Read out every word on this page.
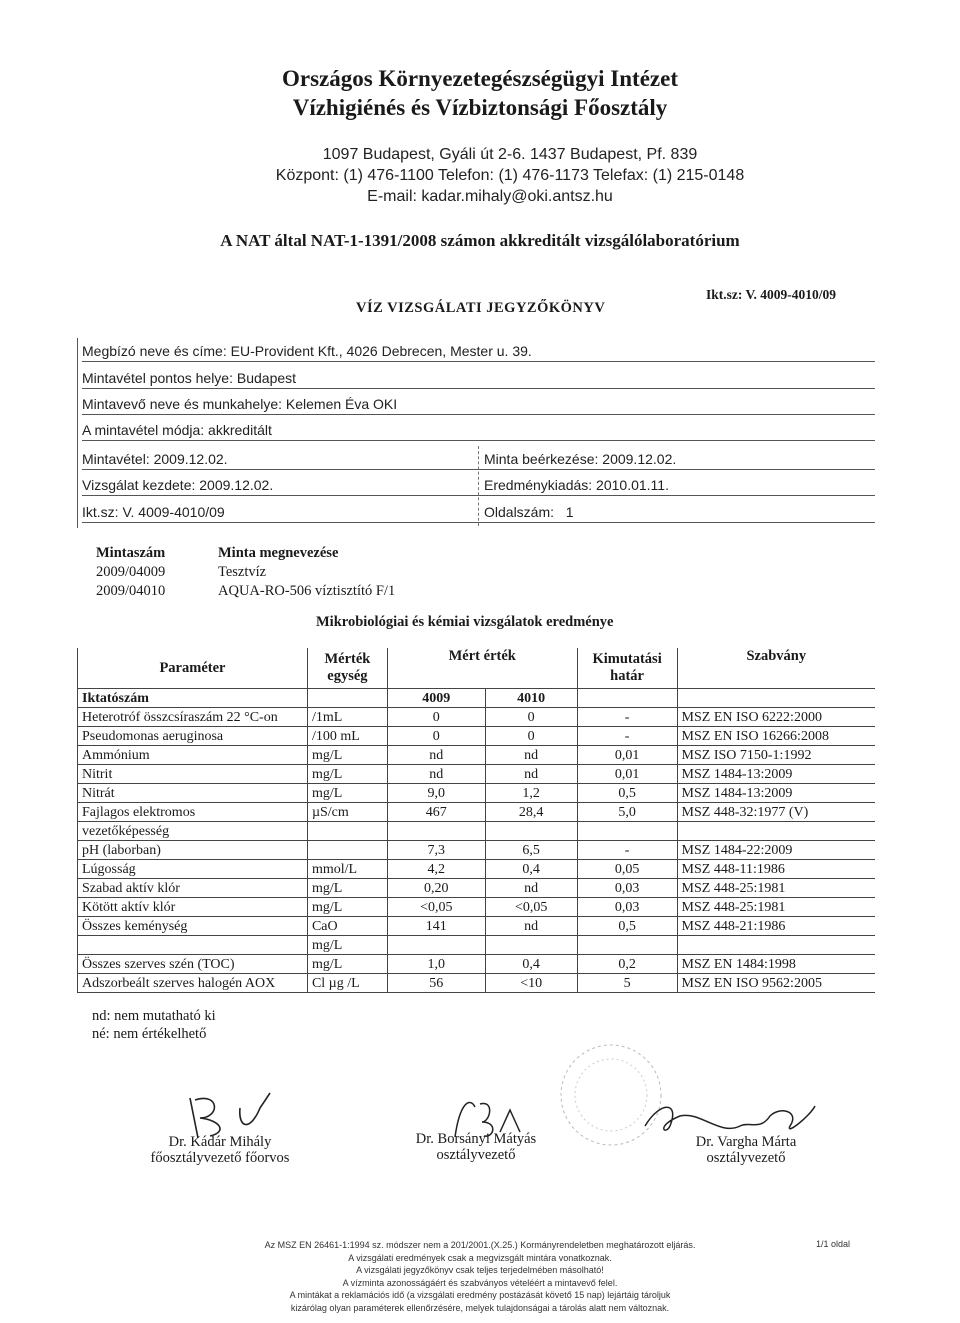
Országos Környezetegészségügyi Intézet
Vízhigiénés és Vízbiztonsági Főosztály
1097 Budapest, Gyáli út 2-6. 1437 Budapest, Pf. 839
Központ: (1) 476-1100 Telefon: (1) 476-1173 Telefax: (1) 215-0148
E-mail: kadar.mihaly@oki.antsz.hu
A NAT által NAT-1-1391/2008 számon akkreditált vizsgálólaboratórium
VÍZ VIZSGÁLATI JEGYZŐKÖNYV
Ikt.sz: V. 4009-4010/09
Megbízó neve és címe: EU-Provident Kft., 4026 Debrecen, Mester u. 39.
Mintavétel pontos helye: Budapest
Mintavevő neve és munkahelye: Kelemen Éva OKI
A mintavétel módja: akkreditált
Mintavétel: 2009.12.02.	Minta beérkezése: 2009.12.02.
Vizsgálat kezdete: 2009.12.02.	Eredménykiadás: 2010.01.11.
Ikt.sz: V. 4009-4010/09	Oldalszám:   1
Mintaszám	Minta megnevezése
2009/04009	Tesztvíz
2009/04010	AQUA-RO-506 víztisztító F/1
Mikrobiológiai és kémiai vizsgálatok eredménye
Paraméter	Mérték egység	Mért érték		Kimutatási határ	Szabvány
Iktatószám		4009	4010		
Heterotróf összcsíraszám 22 °C-on	/1mL	0	0	-	MSZ EN ISO 6222:2000
Pseudomonas aeruginosa	/100 mL	0	0	-	MSZ EN ISO 16266:2008
Ammónium	mg/L	nd	nd	0,01	MSZ ISO 7150-1:1992
Nitrit	mg/L	nd	nd	0,01	MSZ 1484-13:2009
Nitrát	mg/L	9,0	1,2	0,5	MSZ 1484-13:2009
Fajlagos elektromos	µS/cm	467	28,4	5,0	MSZ 448-32:1977 (V)
vezetőképesség					
pH (laborban)		7,3	6,5	-	MSZ 1484-22:2009
Lúgosság	mmol/L	4,2	0,4	0,05	MSZ 448-11:1986
Szabad aktív klór	mg/L	0,20	nd	0,03	MSZ 448-25:1981
Kötött aktív klór	mg/L	<0,05	<0,05	0,03	MSZ 448-25:1981
Összes keménység	CaO	141	nd	0,5	MSZ 448-21:1986
	mg/L				
Összes szerves szén (TOC)	mg/L	1,0	0,4	0,2	MSZ EN 1484:1998
Adszorbeált szerves halogén AOX	Cl µg /L	56	<10	5	MSZ EN ISO 9562:2005
nd: nem mutatható ki
né: nem értékelhető
Dr. Kádár Mihály
főosztályvezető főorvos
Dr. Borsányi Mátyás
osztályvezető
Dr. Vargha Márta
osztályvezető
Az MSZ EN 26461-1:1994 sz. módszer nem a 201/2001.(X.25.) Kormányrendeletben meghatározott eljárás.
A vizsgálati eredmények csak a megvizsgált mintára vonatkoznak.
A vizsgálati jegyzőkönyv csak teljes terjedelmében másolható!
A vízminta azonosságáért és szabványos vételéért a mintavevő felel.
A mintákat a reklamációs idő (a vizsgálati eredmény postázását követő 15 nap) lejártáig tároljuk
kizárólag olyan paraméterek ellenőrzésére, melyek tulajdonságai a tárolás alatt nem változnak.
1/1 oldal
